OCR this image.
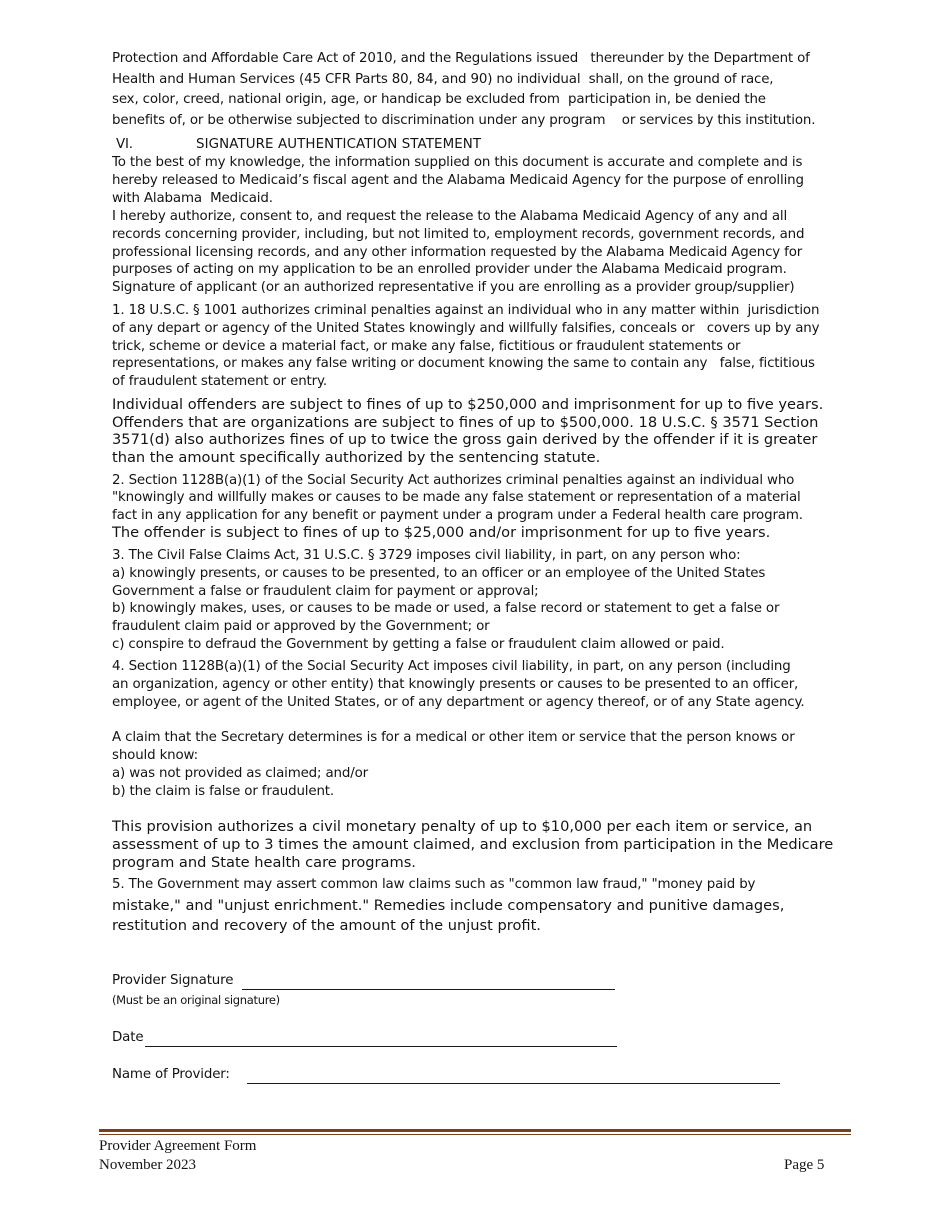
Protection and Affordable Care Act of 2010, and the Regulations issued   thereunder by the Department of
Health and Human Services (45 CFR Parts 80, 84, and 90) no individual  shall, on the ground of race,
sex, color, creed, national origin, age, or handicap be excluded from  participation in, be denied the
benefits of, or be otherwise subjected to discrimination under any program    or services by this institution.
VI.	SIGNATURE AUTHENTICATION STATEMENT
To the best of my knowledge, the information supplied on this document is accurate and complete and is
hereby released to Medicaid’s fiscal agent and the Alabama Medicaid Agency for the purpose of enrolling
with Alabama  Medicaid.
I hereby authorize, consent to, and request the release to the Alabama Medicaid Agency of any and all
records concerning provider, including, but not limited to, employment records, government records, and
professional licensing records, and any other information requested by the Alabama Medicaid Agency for
purposes of acting on my application to be an enrolled provider under the Alabama Medicaid program.
Signature of applicant (or an authorized representative if you are enrolling as a provider group/supplier)
1. 18 U.S.C. § 1001 authorizes criminal penalties against an individual who in any matter within  jurisdiction
of any depart or agency of the United States knowingly and willfully falsifies, conceals or   covers up by any
trick, scheme or device a material fact, or make any false, fictitious or fraudulent statements or
representations, or makes any false writing or document knowing the same to contain any   false, fictitious
of fraudulent statement or entry.
Individual offenders are subject to fines of up to $250,000 and imprisonment for up to five years.
Offenders that are organizations are subject to fines of up to $500,000. 18 U.S.C. § 3571 Section
3571(d) also authorizes fines of up to twice the gross gain derived by the offender if it is greater
than the amount specifically authorized by the sentencing statute.
2. Section 1128B(a)(1) of the Social Security Act authorizes criminal penalties against an individual who
"knowingly and willfully makes or causes to be made any false statement or representation of a material
fact in any application for any benefit or payment under a program under a Federal health care program.
The offender is subject to fines of up to $25,000 and/or imprisonment for up to five years.
3. The Civil False Claims Act, 31 U.S.C. § 3729 imposes civil liability, in part, on any person who:
a) knowingly presents, or causes to be presented, to an officer or an employee of the United States
Government a false or fraudulent claim for payment or approval;
b) knowingly makes, uses, or causes to be made or used, a false record or statement to get a false or
fraudulent claim paid or approved by the Government; or
c) conspire to defraud the Government by getting a false or fraudulent claim allowed or paid.
4. Section 1128B(a)(1) of the Social Security Act imposes civil liability, in part, on any person (including
an organization, agency or other entity) that knowingly presents or causes to be presented to an officer,
employee, or agent of the United States, or of any department or agency thereof, or of any State agency.
A claim that the Secretary determines is for a medical or other item or service that the person knows or
should know:
a) was not provided as claimed; and/or
b) the claim is false or fraudulent.
This provision authorizes a civil monetary penalty of up to $10,000 per each item or service, an
assessment of up to 3 times the amount claimed, and exclusion from participation in the Medicare
program and State health care programs.
5. The Government may assert common law claims such as "common law fraud," "money paid by
mistake," and "unjust enrichment." Remedies include compensatory and punitive damages,
restitution and recovery of the amount of the unjust profit.
Provider Signature
(Must be an original signature)
Date
Name of Provider:
Provider Agreement Form
November 2023	Page 5
